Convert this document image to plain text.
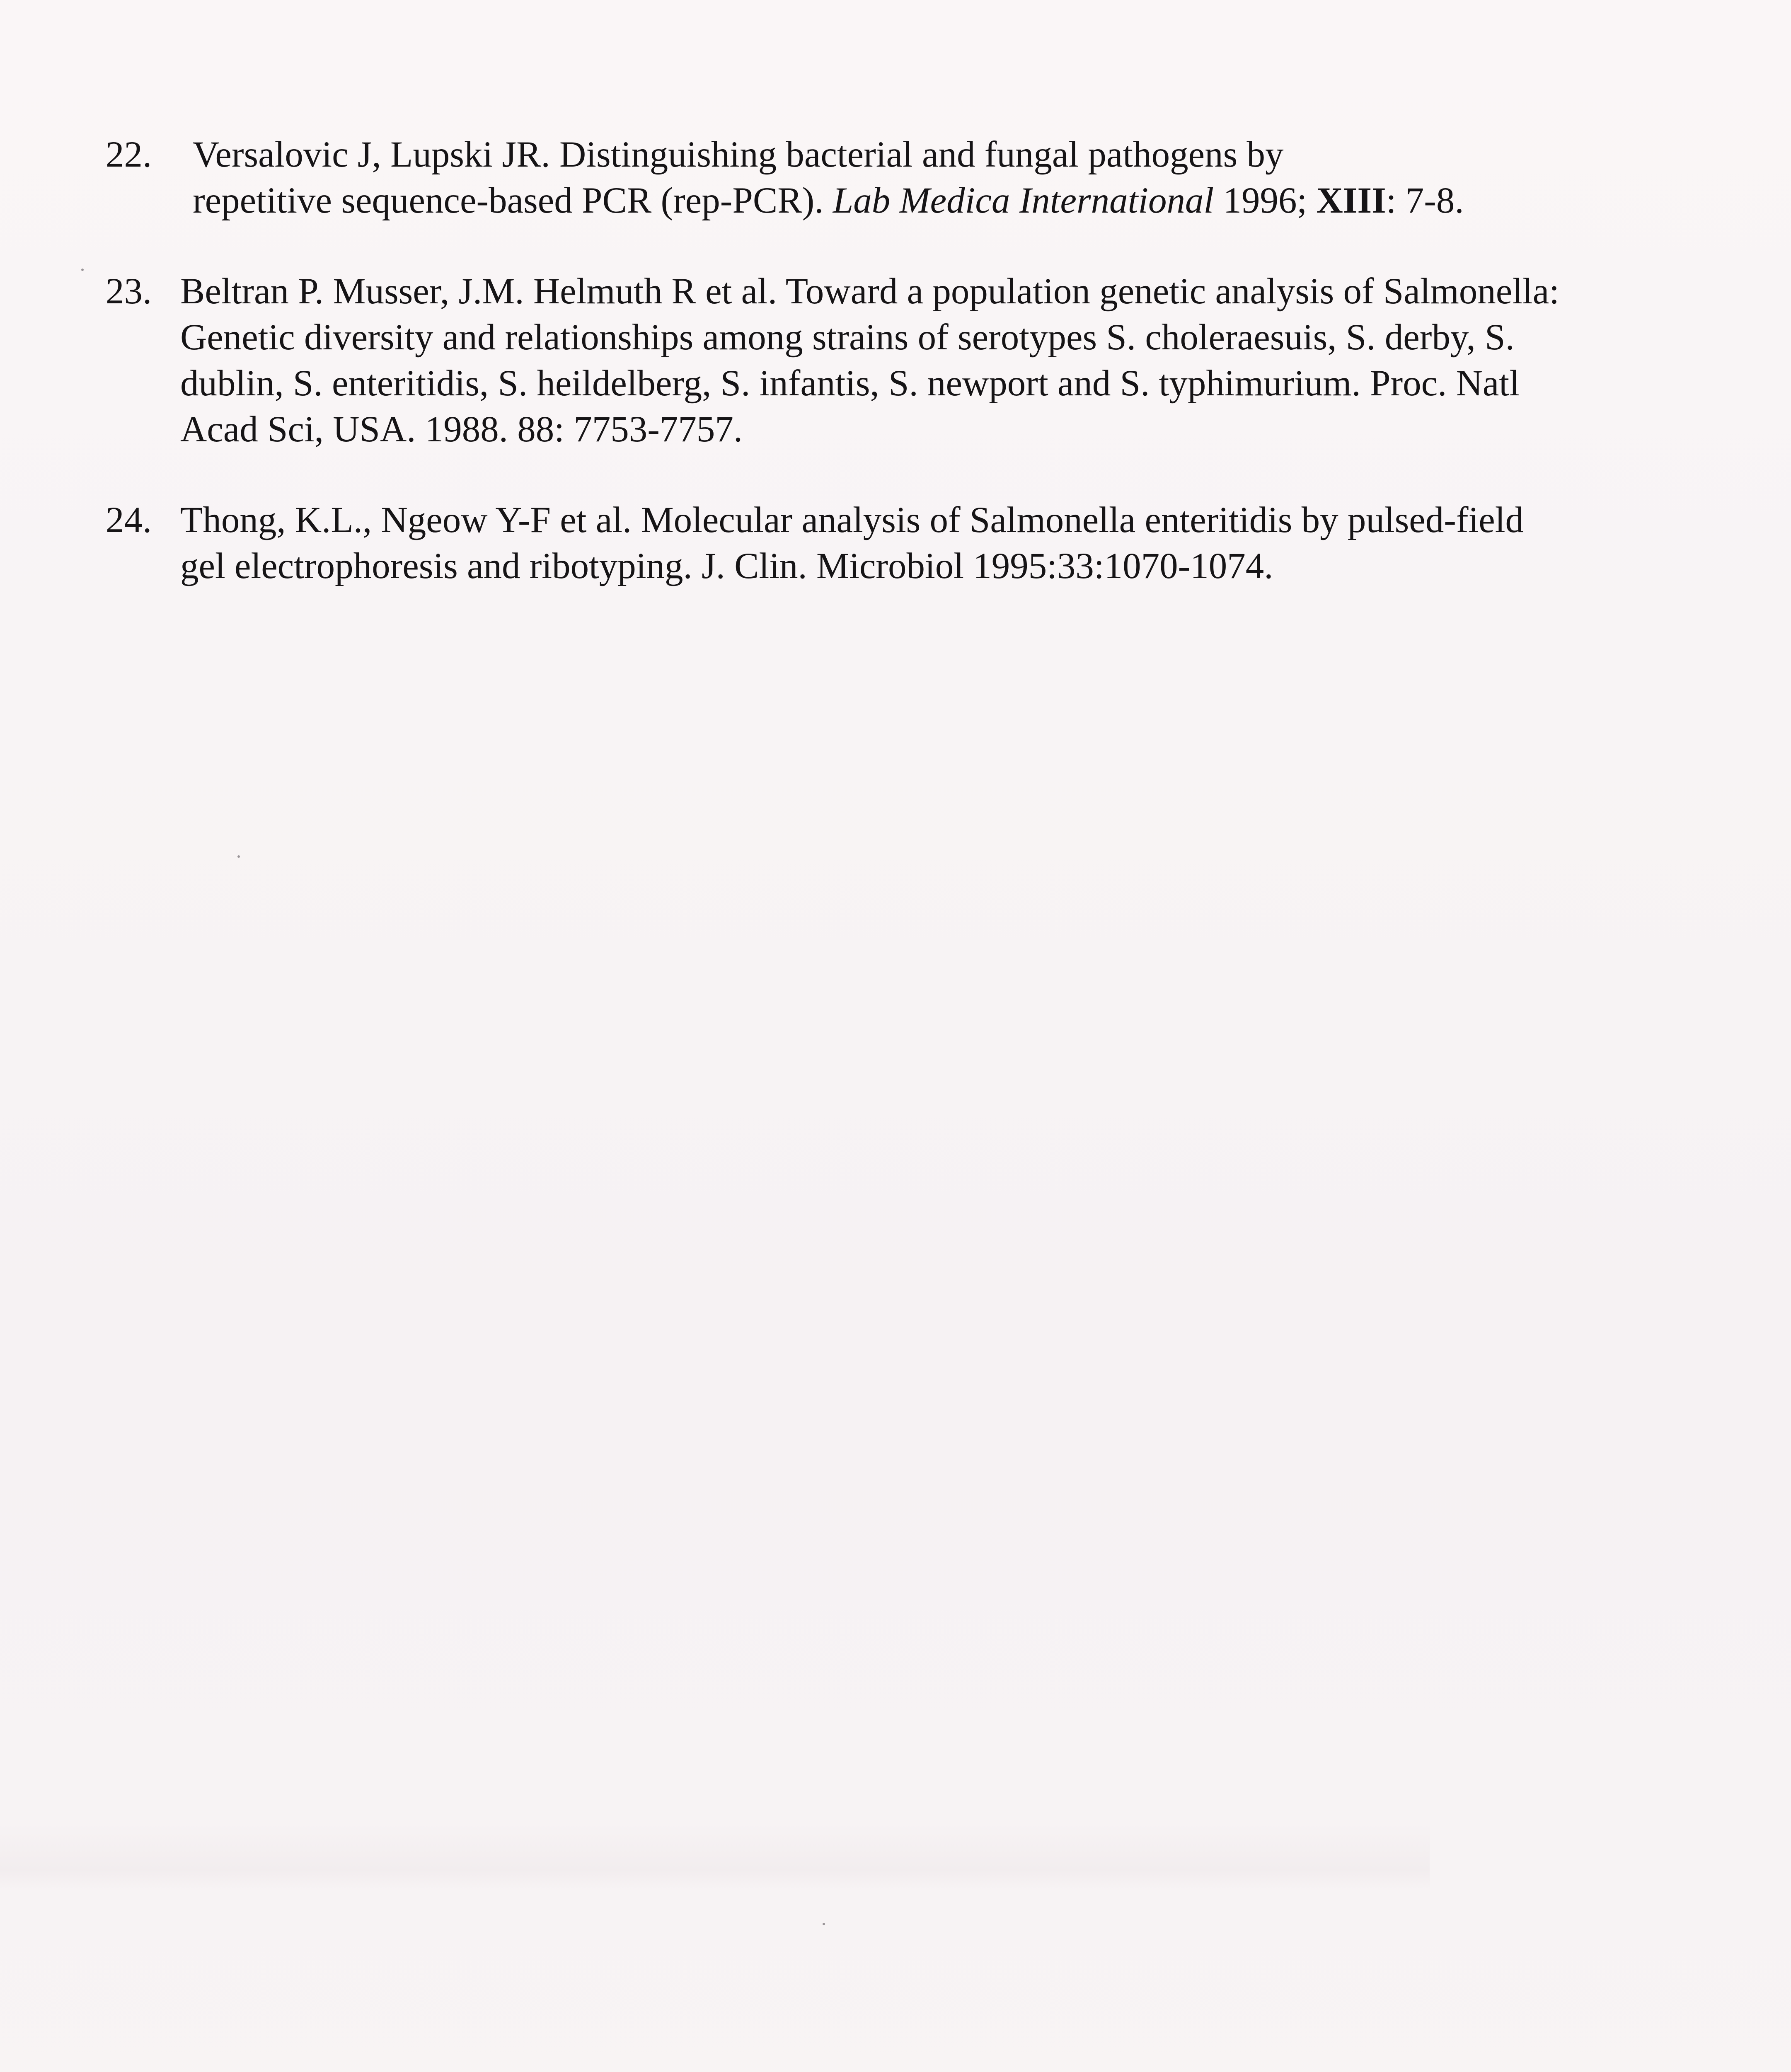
22.	Versalovic J, Lupski JR. Distinguishing bacterial and fungal pathogens by
repetitive sequence-based PCR (rep-PCR). Lab Medica International 1996; XIII: 7-8.
23. Beltran P. Musser, J.M. Helmuth R et al. Toward a population genetic analysis of Salmonella:
Genetic diversity and relationships among strains of serotypes S. choleraesuis, S. derby, S.
dublin, S. enteritidis, S. heildelberg, S. infantis, S. newport and S. typhimurium. Proc. Natl
Acad Sci, USA. 1988. 88: 7753-7757.
24. Thong, K.L., Ngeow Y-F et al. Molecular analysis of Salmonella enteritidis by pulsed-field
gel electrophoresis and ribotyping. J. Clin. Microbiol 1995:33:1070-1074.
